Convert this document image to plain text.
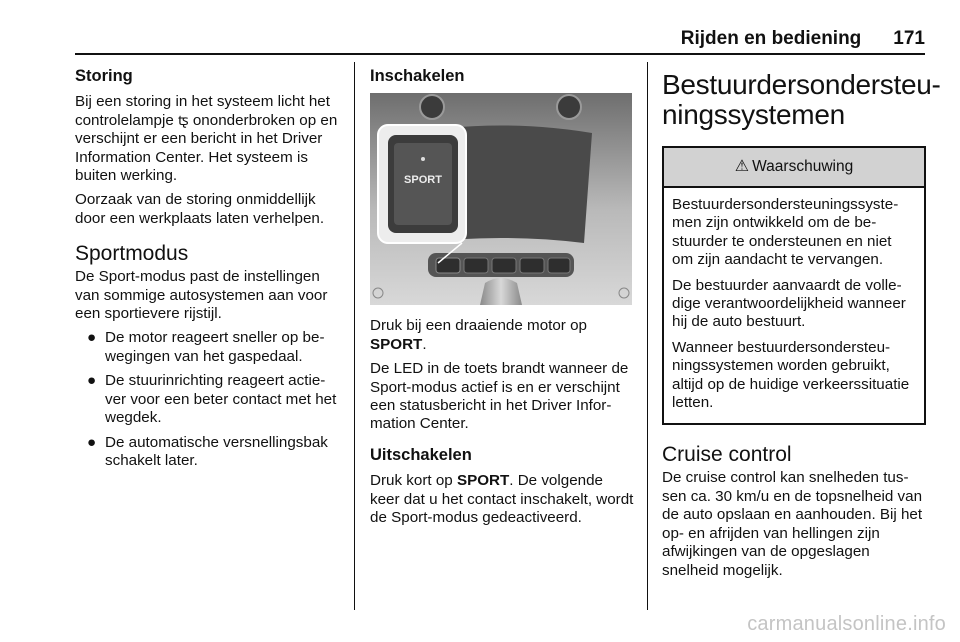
Rijden en bediening 171
Storing

Bij een storing in het systeem licht het controlelampje ꭧ ononderbroken op en verschijnt er een bericht in het Driver Information Center. Het systeem is buiten werking.

Oorzaak van de storing onmiddellijk door een werkplaats laten verhelpen.

Sportmodus

De Sport-modus past de instellingen van sommige autosystemen aan voor een sportievere rijstijl.

● De motor reageert sneller op bewegingen van het gaspedaal.
● De stuurinrichting reageert actiever voor een beter contact met het wegdek.
● De automatische versnellingsbak schakelt later.
Inschakelen
SPORT

Druk bij een draaiende motor op SPORT.

De LED in de toets brandt wanneer de Sport-modus actief is en er verschijnt een statusbericht in het Driver Information Center.

Uitschakelen

Druk kort op SPORT. De volgende keer dat u het contact inschakelt, wordt de Sport-modus gedeactiveerd.

Bestuurdersondersteuningssystemen
⚠ Waarschuwing

Bestuurdersondersteuningssystemen zijn ontwikkeld om de bestuurder te ondersteunen en niet om zijn aandacht te vervangen.

De bestuurder aanvaardt de volledige verantwoordelijkheid wanneer hij de auto bestuurt.

Wanneer bestuurdersondersteuningssystemen worden gebruikt, altijd op de huidige verkeerssituatie letten.

Cruise control

De cruise control kan snelheden tussen ca. 30 km/u en de topsnelheid van de auto opslaan en aanhouden. Bij het op- en afrijden van hellingen zijn afwijkingen van de opgeslagen snelheid mogelijk.

carmanualsonline.info
